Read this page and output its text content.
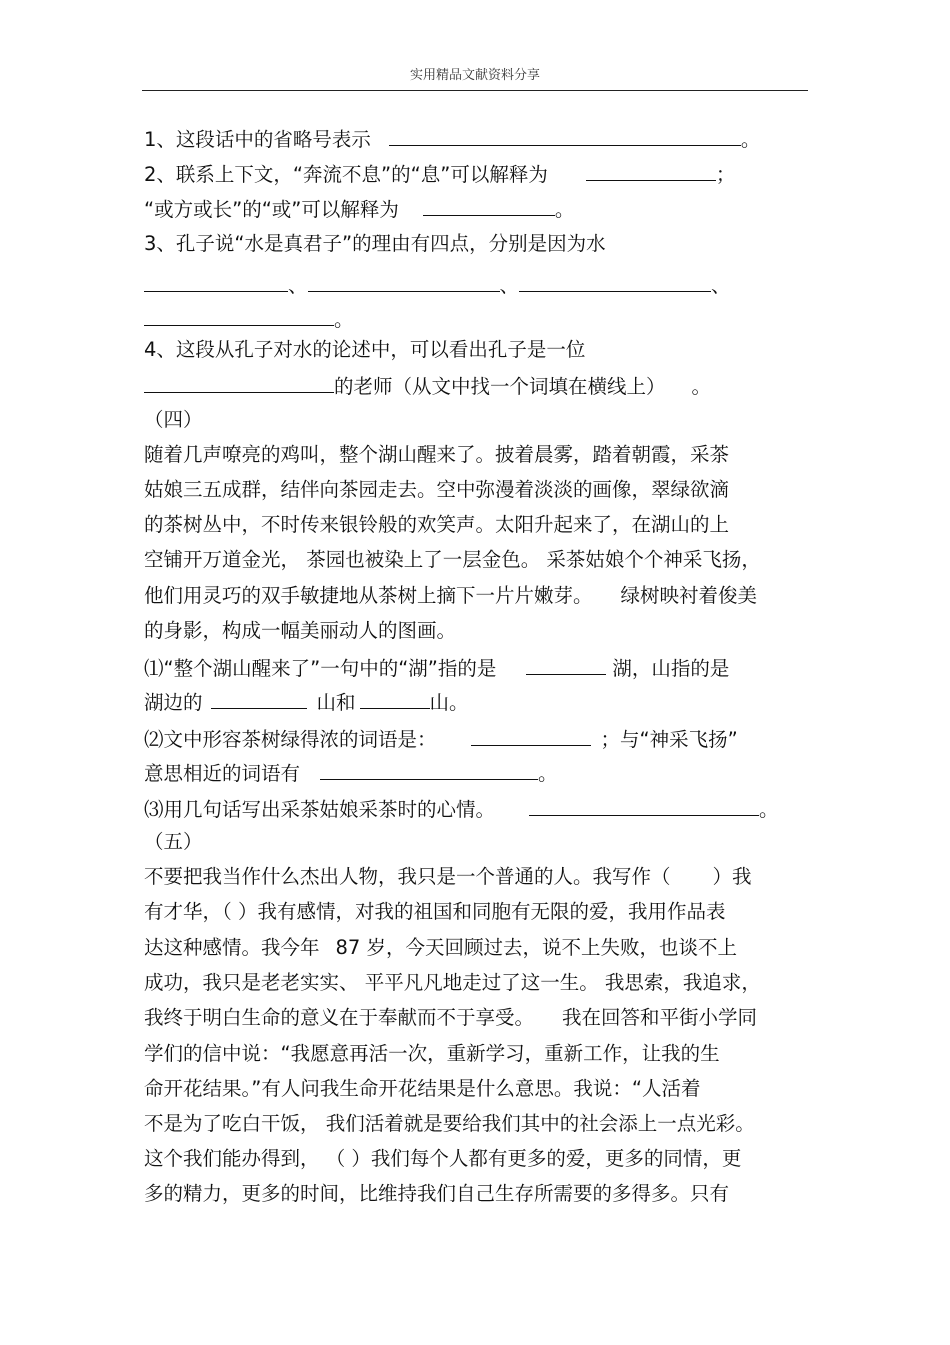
实用精品文献资料分享
1、这段话中的省略号表示	。
2、联系上下文，“奔流不息”的“息”可以解释为	；
“或方或长”的“或”可以解释为	。
3、孔子说“水是真君子”的理由有四点，分别是因为水
、	、	、
。
4、这段从孔子对水的论述中，可以看出孔子是一位
的老师（从文中找一个词填在横线上） 。
（四）
随着几声嘹亮的鸡叫，整个湖山醒来了。披着晨雾，踏着朝霞，采茶
姑娘三五成群，结伴向茶园走去。空中弥漫着淡淡的画像，翠绿欲滴
的茶树丛中，不时传来银铃般的欢笑声。太阳升起来了，在湖山的上
空铺开万道金光， 茶园也被染上了一层金色。 采茶姑娘个个神采飞扬，
他们用灵巧的双手敏捷地从茶树上摘下一片片嫩芽。 绿树映衬着俊美
的身影，构成一幅美丽动人的图画。
⑴“整个湖山醒来了”一句中的“湖”指的是	湖，山指的是
湖边的	山和	山。
⑵文中形容茶树绿得浓的词语是：	；与“神采飞扬”
意思相近的词语有	。
⑶用几句话写出采茶姑娘采茶时的心情。	。
（五）
不要把我当作什么杰出人物，我只是一个普通的人。我写作（ ）我
有才华，（ ）我有感情，对我的祖国和同胞有无限的爱，我用作品表
达这种感情。我今年 87 岁，今天回顾过去，说不上失败，也谈不上
成功，我只是老老实实、 平平凡凡地走过了这一生。 我思索，我追求，
我终于明白生命的意义在于奉献而不于享受。 我在回答和平街小学同
学们的信中说：“我愿意再活一次，重新学习，重新工作，让我的生
命开花结果。”有人问我生命开花结果是什么意思。我说：“人活着
不是为了吃白干饭， 我们活着就是要给我们其中的社会添上一点光彩。
这个我们能办得到， （ ）我们每个人都有更多的爱，更多的同情，更
多的精力，更多的时间，比维持我们自己生存所需要的多得多。只有
